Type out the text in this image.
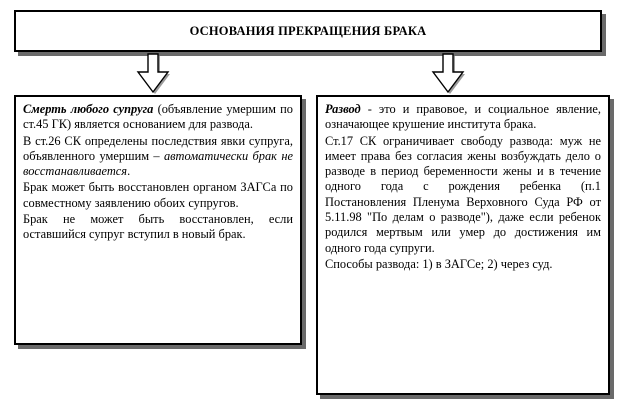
ОСНОВАНИЯ ПРЕКРАЩЕНИЯ БРАКА

Смерть любого супруга (объявление умершим по ст.45 ГК) является основанием для развода.

В ст.26 СК определены последствия явки супруга, объявленного умершим – автоматически брак не восстанавливается.

Брак может быть восстановлен органом ЗАГСа по совместному заявлению обоих супругов.

Брак не может быть восстановлен, если оставшийся супруг вступил в новый брак.

Развод - это и правовое, и социальное явление, означающее крушение института брака.

Ст.17 СК ограничивает свободу развода: муж не имеет права без согласия жены возбуждать дело о разводе в период беременности жены и в течение одного года с рождения ребенка (п.1 Постановления Пленума Верховного Суда РФ от 5.11.98 "По делам о разводе"), даже если ребенок родился мертвым или умер до достижения им одного года супруги.

Способы развода: 1) в ЗАГСе; 2) через суд.
